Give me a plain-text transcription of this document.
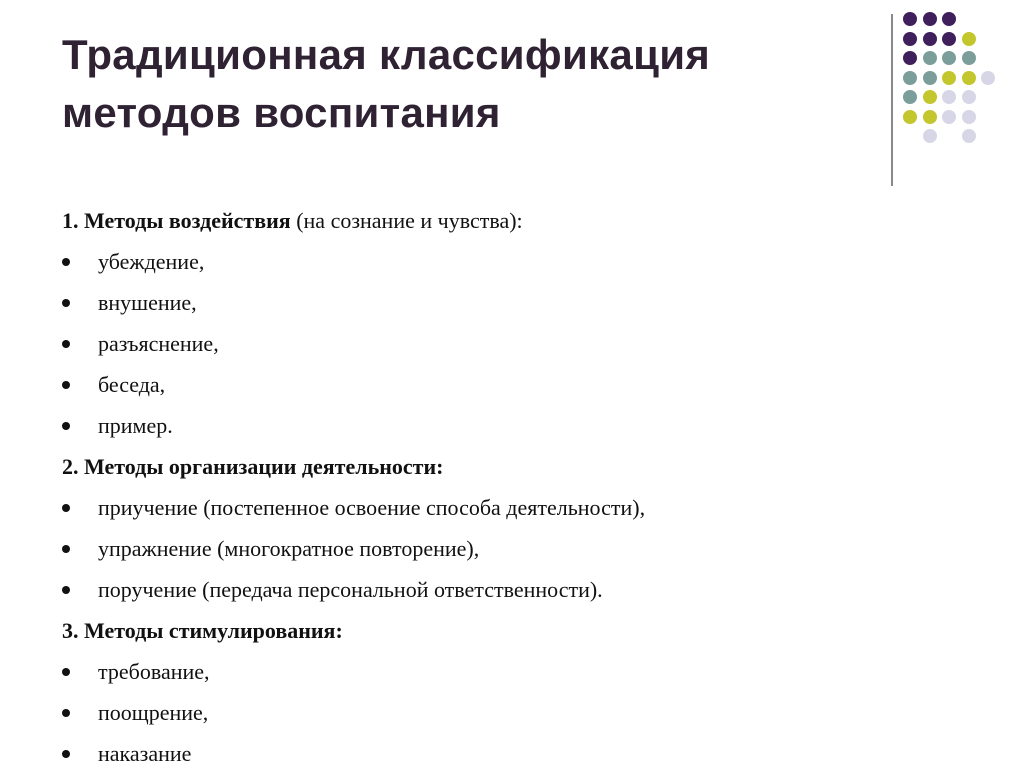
Традиционная классификация
методов воспитания
1. Методы воздействия (на сознание и чувства):
убеждение,
внушение,
разъяснение,
беседа,
пример.
2. Методы организации деятельности:
приучение (постепенное освоение способа деятельности),
упражнение (многократное повторение),
поручение (передача персональной ответственности).
3. Методы стимулирования:
требование,
поощрение,
наказание
